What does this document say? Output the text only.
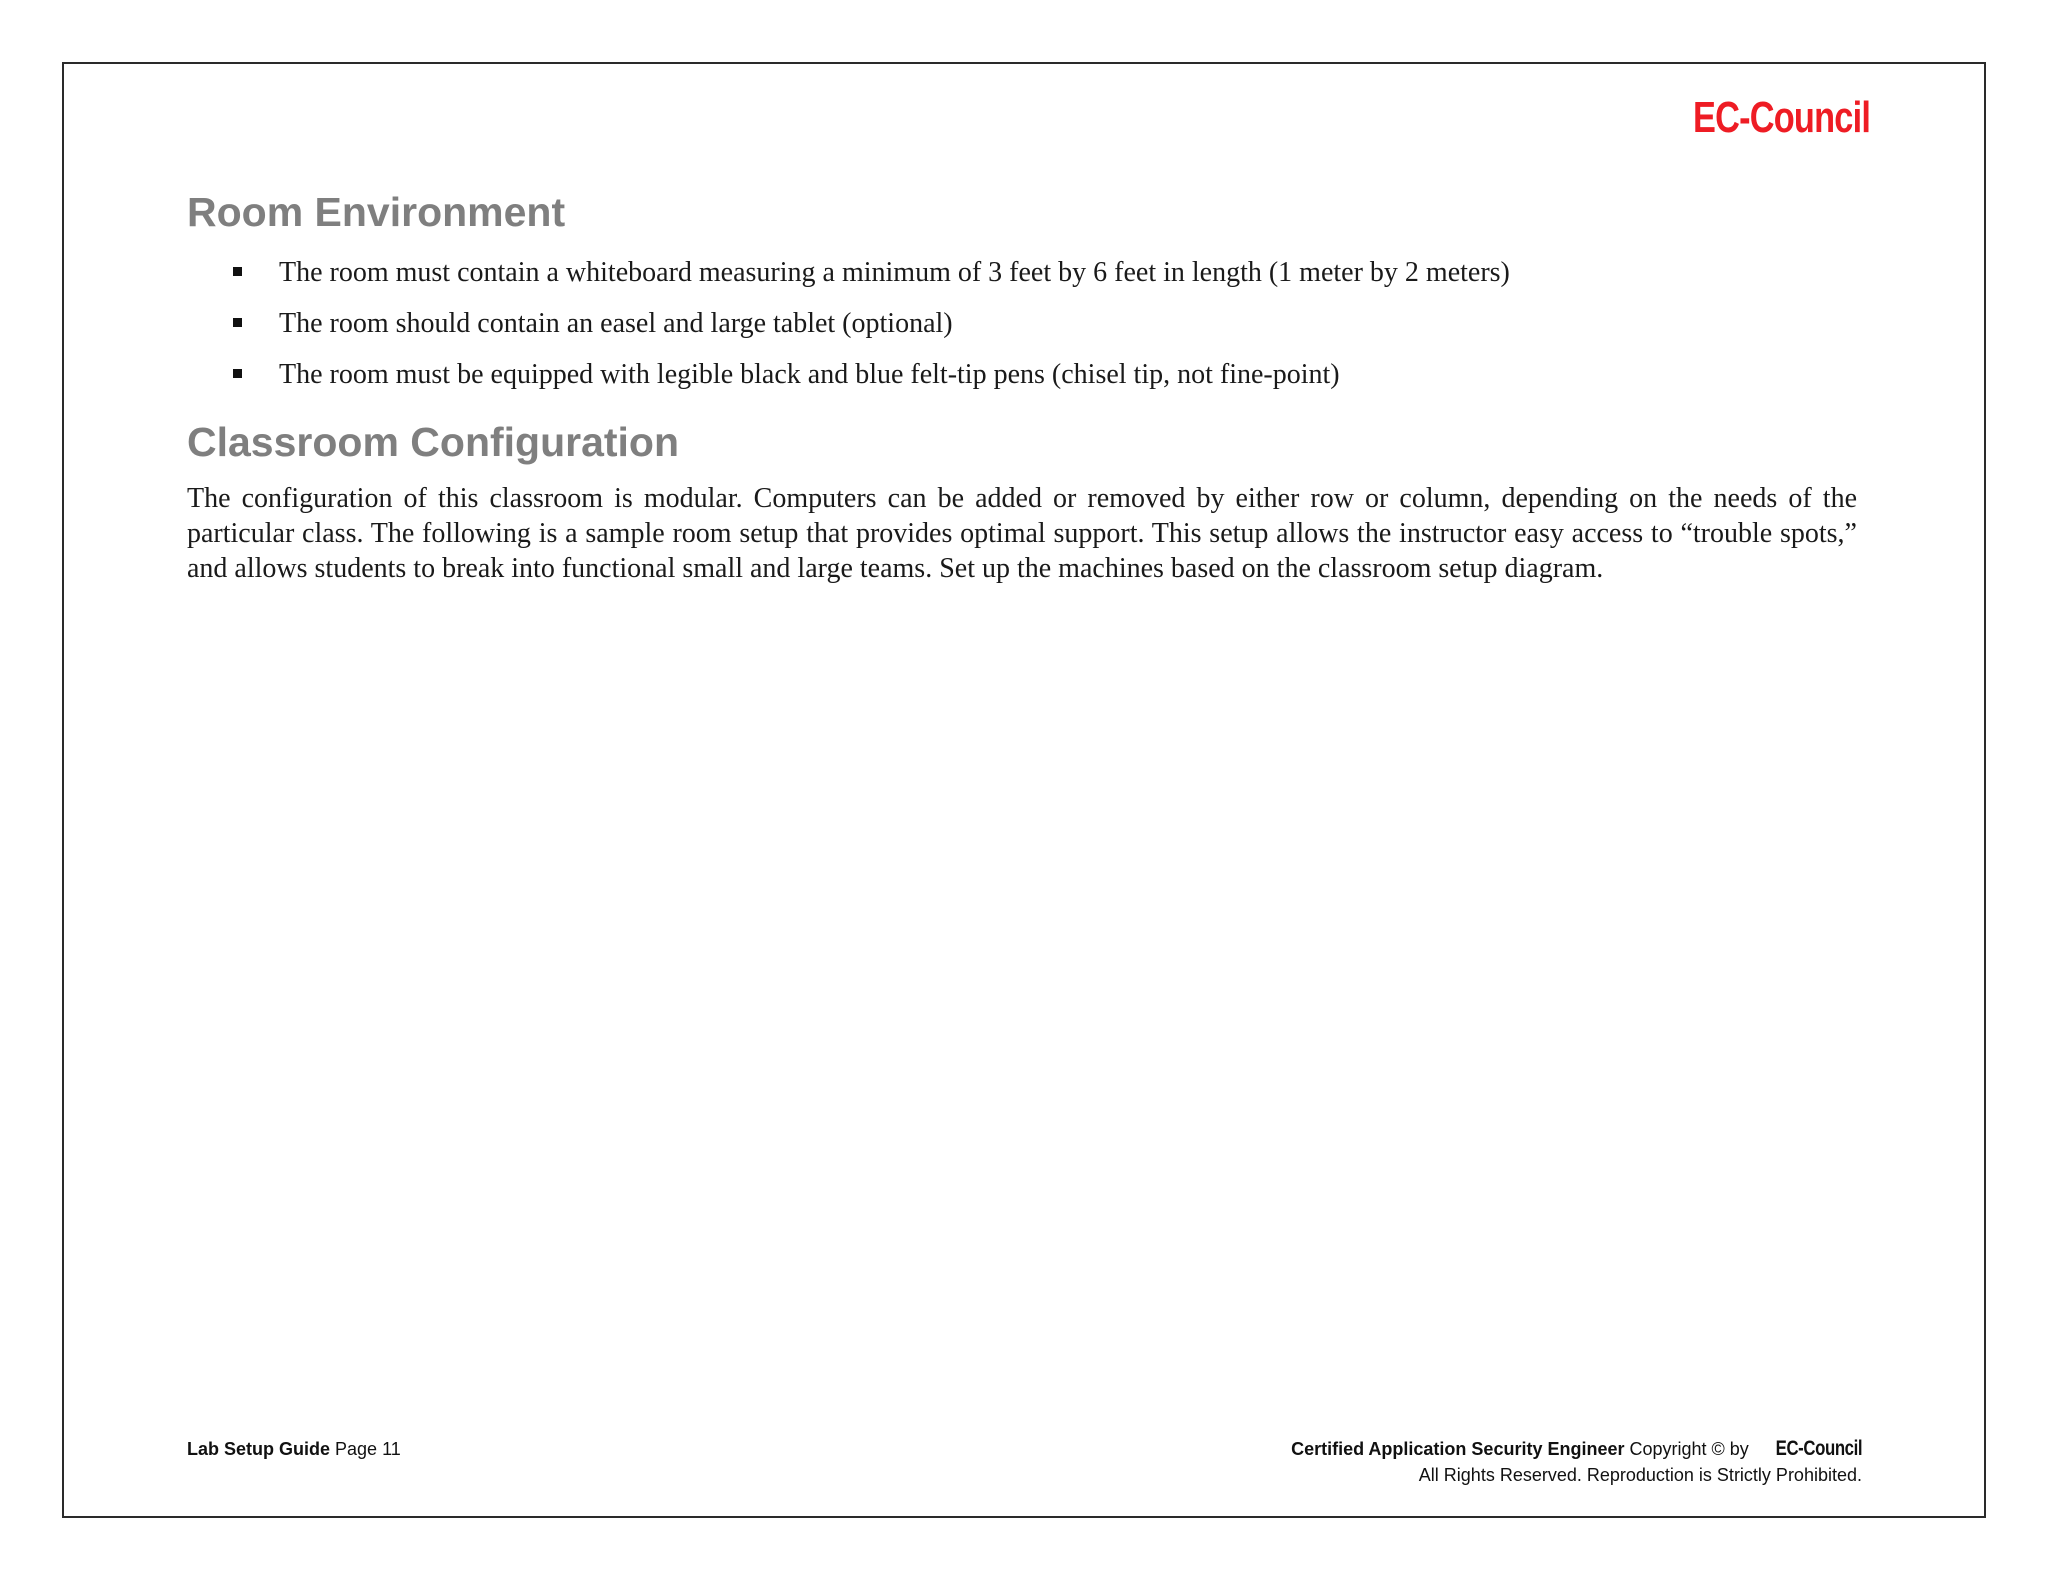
EC-Council
Room Environment
The room must contain a whiteboard measuring a minimum of 3 feet by 6 feet in length (1 meter by 2 meters)
The room should contain an easel and large tablet (optional)
The room must be equipped with legible black and blue felt-tip pens (chisel tip, not fine-point)
Classroom Configuration

The configuration of this classroom is modular. Computers can be added or removed by either row or column, depending on the needs of the particular class. The following is a sample room setup that provides optimal support. This setup allows the instructor easy access to “trouble spots,” and allows students to break into functional small and large teams. Set up the machines based on the classroom setup diagram.

Lab Setup Guide Page 11	Certified Application Security Engineer Copyright © by EC-Council
All Rights Reserved. Reproduction is Strictly Prohibited.
